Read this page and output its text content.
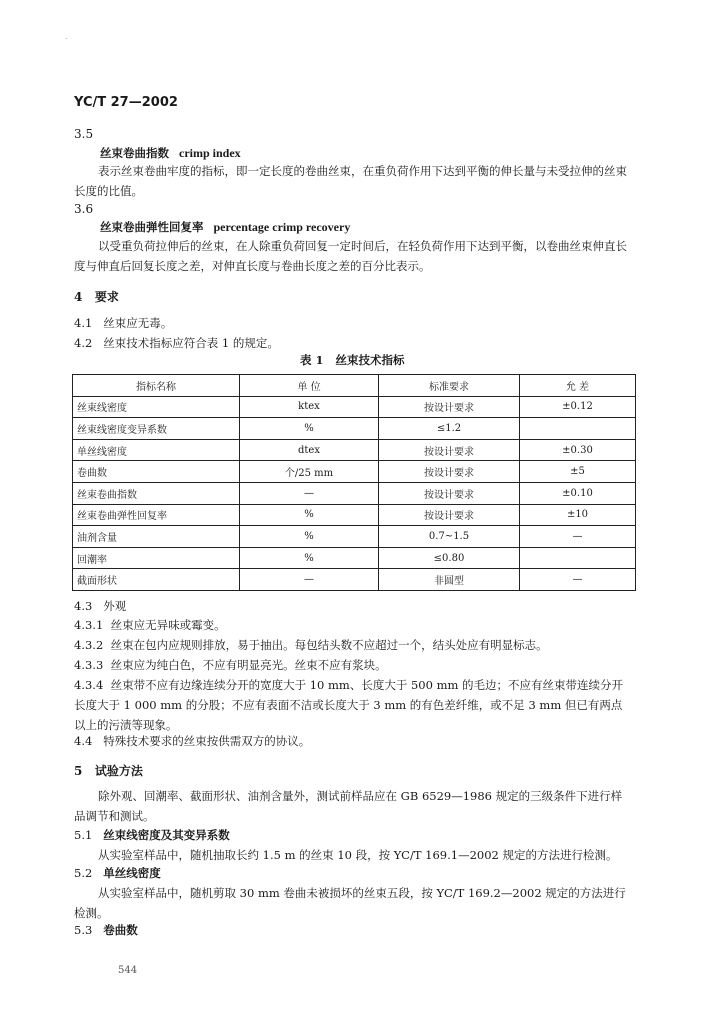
.
YC/T 27—2002
3.5
丝束卷曲指数 crimp index
表示丝束卷曲牢度的指标，即一定长度的卷曲丝束，在重负荷作用下达到平衡的伸长量与未受拉伸的丝束长度的比值。
3.6
丝束卷曲弹性回复率 percentage crimp recovery
以受重负荷拉伸后的丝束，在人除重负荷回复一定时间后，在轻负荷作用下达到平衡，以卷曲丝束伸直长度与伸直后回复长度之差，对伸直长度与卷曲长度之差的百分比表示。
4 要求
4.1 丝束应无毒。
4.2 丝束技术指标应符合表 1 的规定。
表 1   丝束技术指标
指标名称	单 位	标准要求	允 差
丝束线密度	ktex	按设计要求	±0.12
丝束线密度变异系数	%	≤1.2	
单丝线密度	dtex	按设计要求	±0.30
卷曲数	个/25 mm	按设计要求	±5
丝束卷曲指数	—	按设计要求	±0.10
丝束卷曲弹性回复率	%	按设计要求	±10
油剂含量	%	0.7~1.5	—
回潮率	%	≤0.80	
截面形状	—	非圆型	—
4.3 外观
4.3.1 丝束应无异味或霉变。
4.3.2 丝束在包内应规则排放，易于抽出。每包结头数不应超过一个，结头处应有明显标志。
4.3.3 丝束应为纯白色，不应有明显亮光。丝束不应有浆块。
4.3.4 丝束带不应有边缘连续分开的宽度大于 10 mm、长度大于 500 mm 的毛边；不应有丝束带连续分开长度大于 1 000 mm 的分股；不应有表面不洁或长度大于 3 mm 的有色差纤维，或不足 3 mm 但已有两点以上的污渍等现象。
4.4 特殊技术要求的丝束按供需双方的协议。
5 试验方法
除外观、回潮率、截面形状、油剂含量外，测试前样品应在 GB 6529—1986 规定的三级条件下进行样品调节和测试。
5.1 丝束线密度及其变异系数
从实验室样品中，随机抽取长约 1.5 m 的丝束 10 段，按 YC/T 169.1—2002 规定的方法进行检测。
5.2 单丝线密度
从实验室样品中，随机剪取 30 mm 卷曲未被损坏的丝束五段，按 YC/T 169.2—2002 规定的方法进行检测。
5.3 卷曲数
544
